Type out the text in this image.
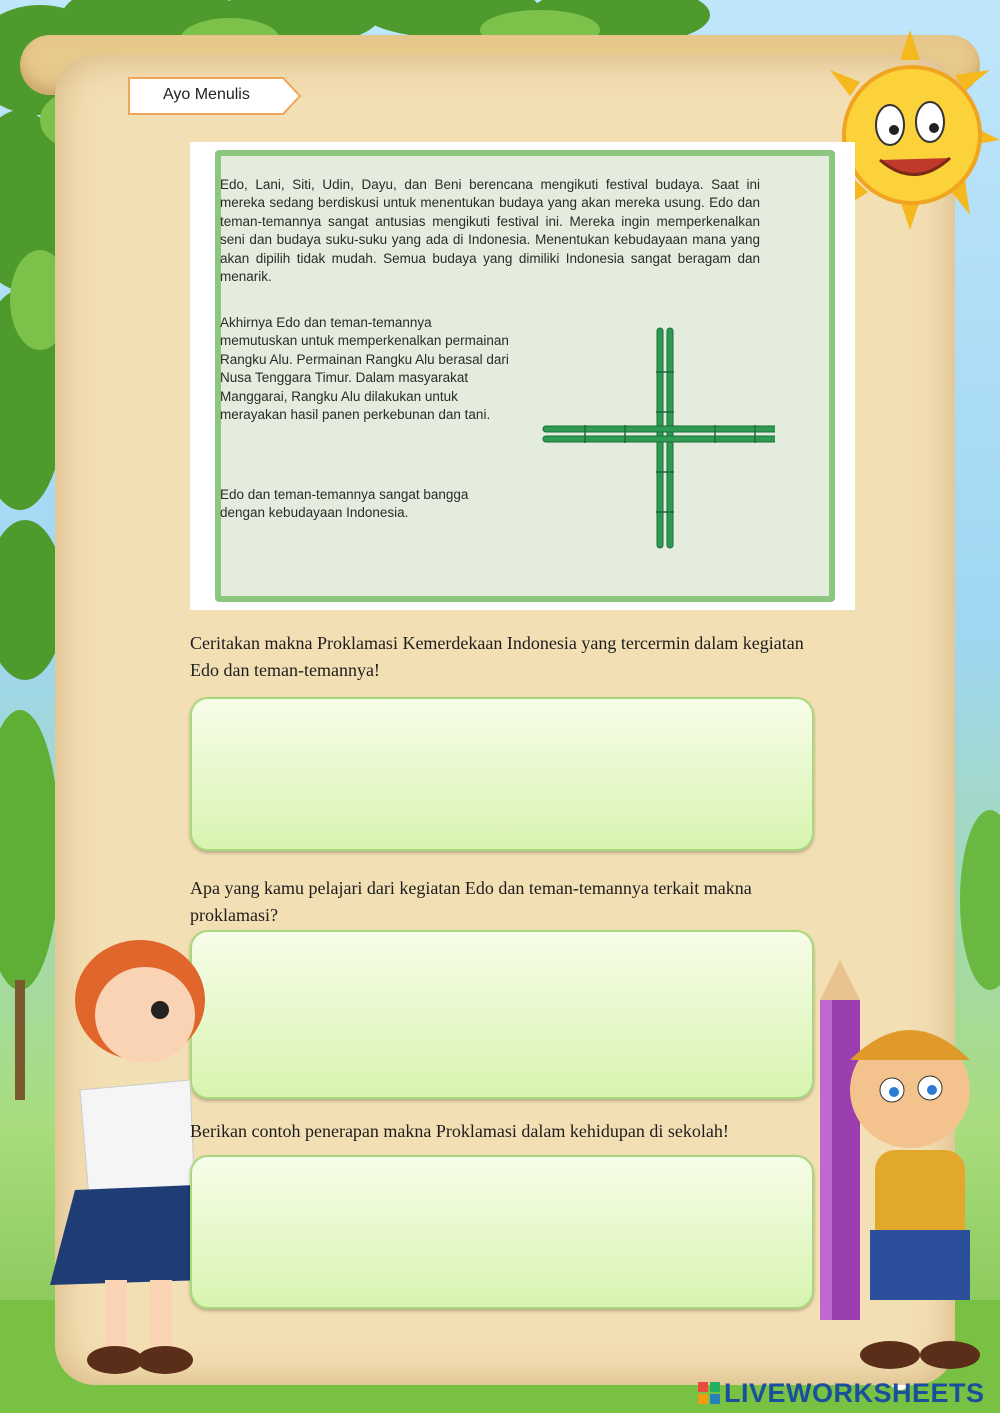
Ayo Menulis
Edo, Lani, Siti, Udin, Dayu, dan Beni berencana mengikuti festival budaya. Saat ini mereka sedang berdiskusi untuk menentukan budaya yang akan mereka usung. Edo dan teman-temannya sangat antusias mengikuti festival ini. Mereka ingin memperkenalkan seni dan budaya suku-suku yang ada di Indonesia. Menentukan kebudayaan mana yang akan dipilih tidak mudah. Semua budaya yang dimiliki Indonesia sangat beragam dan menarik.
Akhirnya Edo dan teman-temannya memutuskan untuk memperkenalkan permainan Rangku Alu. Permainan Rangku Alu berasal dari Nusa Tenggara Timur. Dalam masyarakat Manggarai, Rangku Alu dilakukan untuk merayakan hasil panen perkebunan dan tani.
Edo dan teman-temannya sangat bangga dengan kebudayaan Indonesia.
Ceritakan makna Proklamasi Kemerdekaan Indonesia yang tercermin dalam kegiatan Edo dan teman-temannya!
Apa yang kamu pelajari dari kegiatan Edo dan teman-temannya terkait makna proklamasi?
Berikan contoh penerapan makna Proklamasi dalam kehidupan di sekolah!
LIVEWORKSHEETS
